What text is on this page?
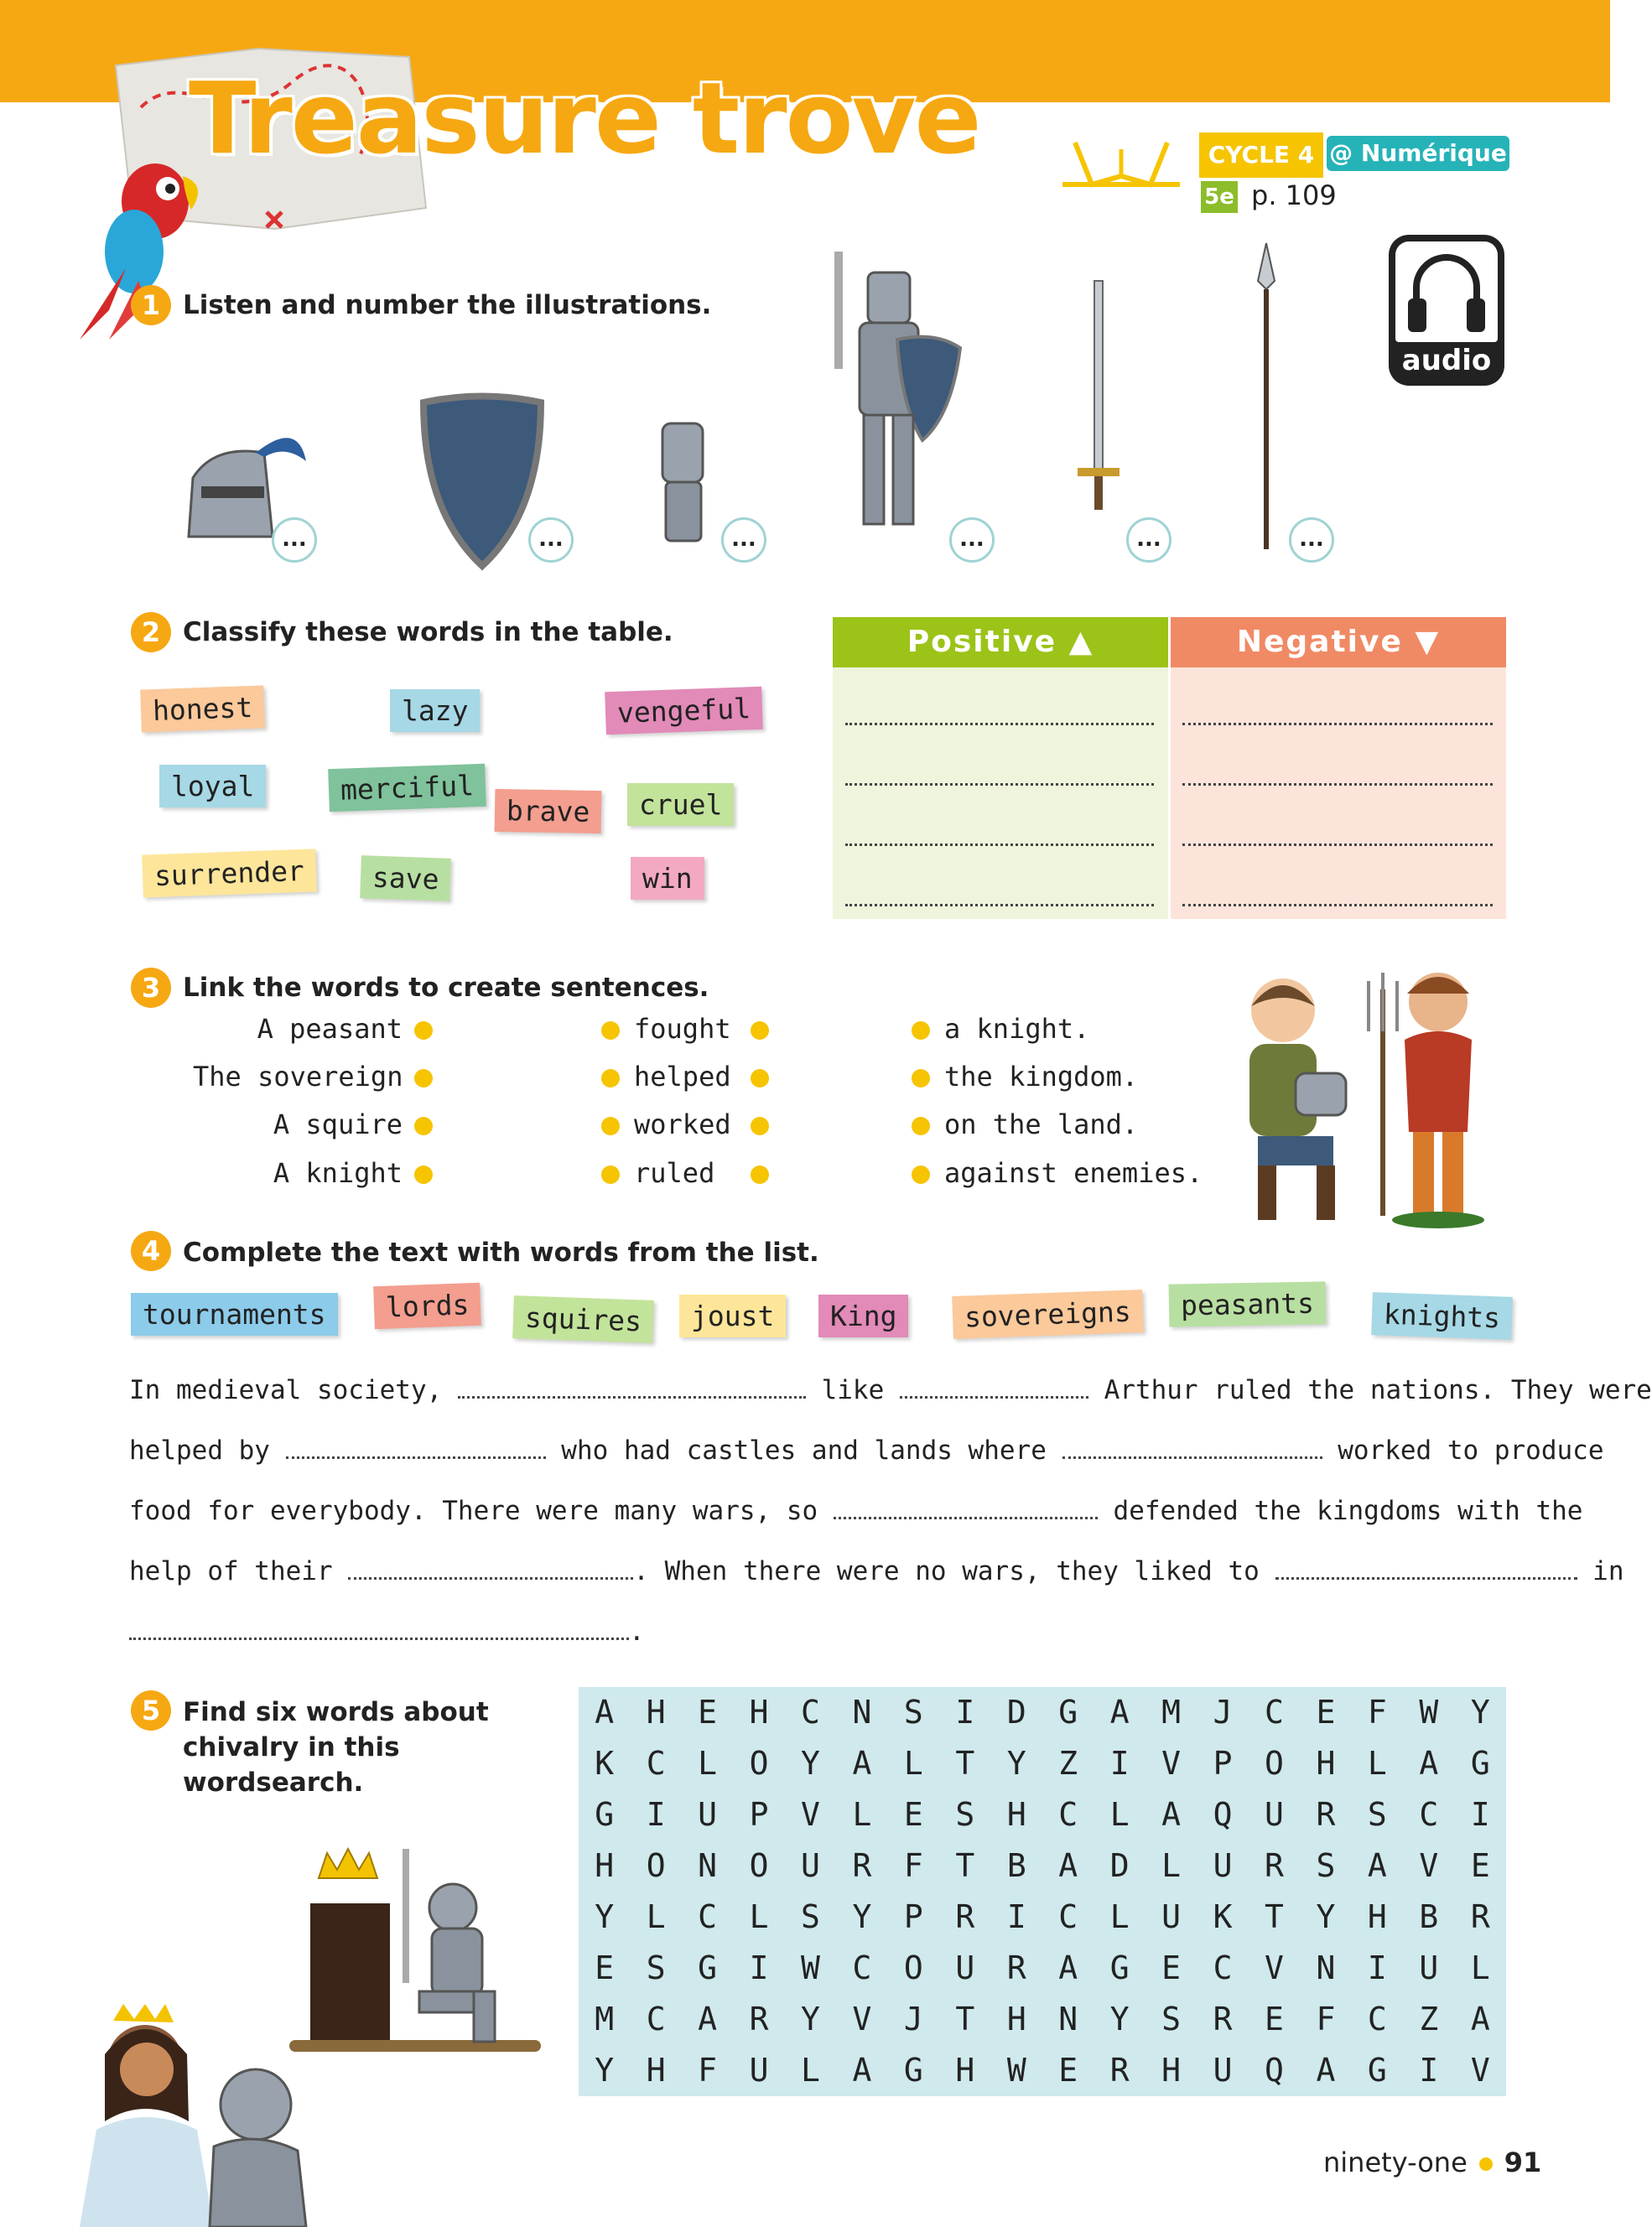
Treasure trove	CYCLE 4 @ Numérique
5e p. 109
audio
1 Listen and number the illustrations.
...	...	...	...	...	...
2 Classify these words in the table.
honest	lazy	vengeful
loyal	merciful
brave	cruel
surrender	save	win
Positive ▲	Negative ▼
3 Link the words to create sentences.
A peasant
The sovereign
A squire
A knight
fought
helped
worked
ruled
a knight.
the kingdom.
on the land.
against enemies.
4 Complete the text with words from the list.
tournaments	lords	squires	joust	King	sovereigns	peasants	knights
In medieval society,	like	Arthur ruled the nations. They were
helped by	who had castles and lands where	worked to produce
food for everybody. There were many wars, so	defended the kingdoms with the
help of their	. When there were no wars, they liked to	in
.
5 Find six words about
chivalry in this
wordsearch.
A	H	E	H	C	N	S	I	D	G	A	M	J	C	E	F	W	Y
K	C	L	O	Y	A	L	T	Y	Z	I	V	P	O	H	L	A	G
G	I	U	P	V	L	E	S	H	C	L	A	Q	U	R	S	C	I
H	O	N	O	U	R	F	T	B	A	D	L	U	R	S	A	V	E
Y	L	C	L	S	Y	P	R	I	C	L	U	K	T	Y	H	B	R
E	S	G	I	W	C	O	U	R	A	G	E	C	V	N	I	U	L
M	C	A	R	Y	V	J	T	H	N	Y	S	R	E	F	C	Z	A
Y	H	F	U	L	A	G	H	W	E	R	H	U	Q	A	G	I	V
ninety-one 91
